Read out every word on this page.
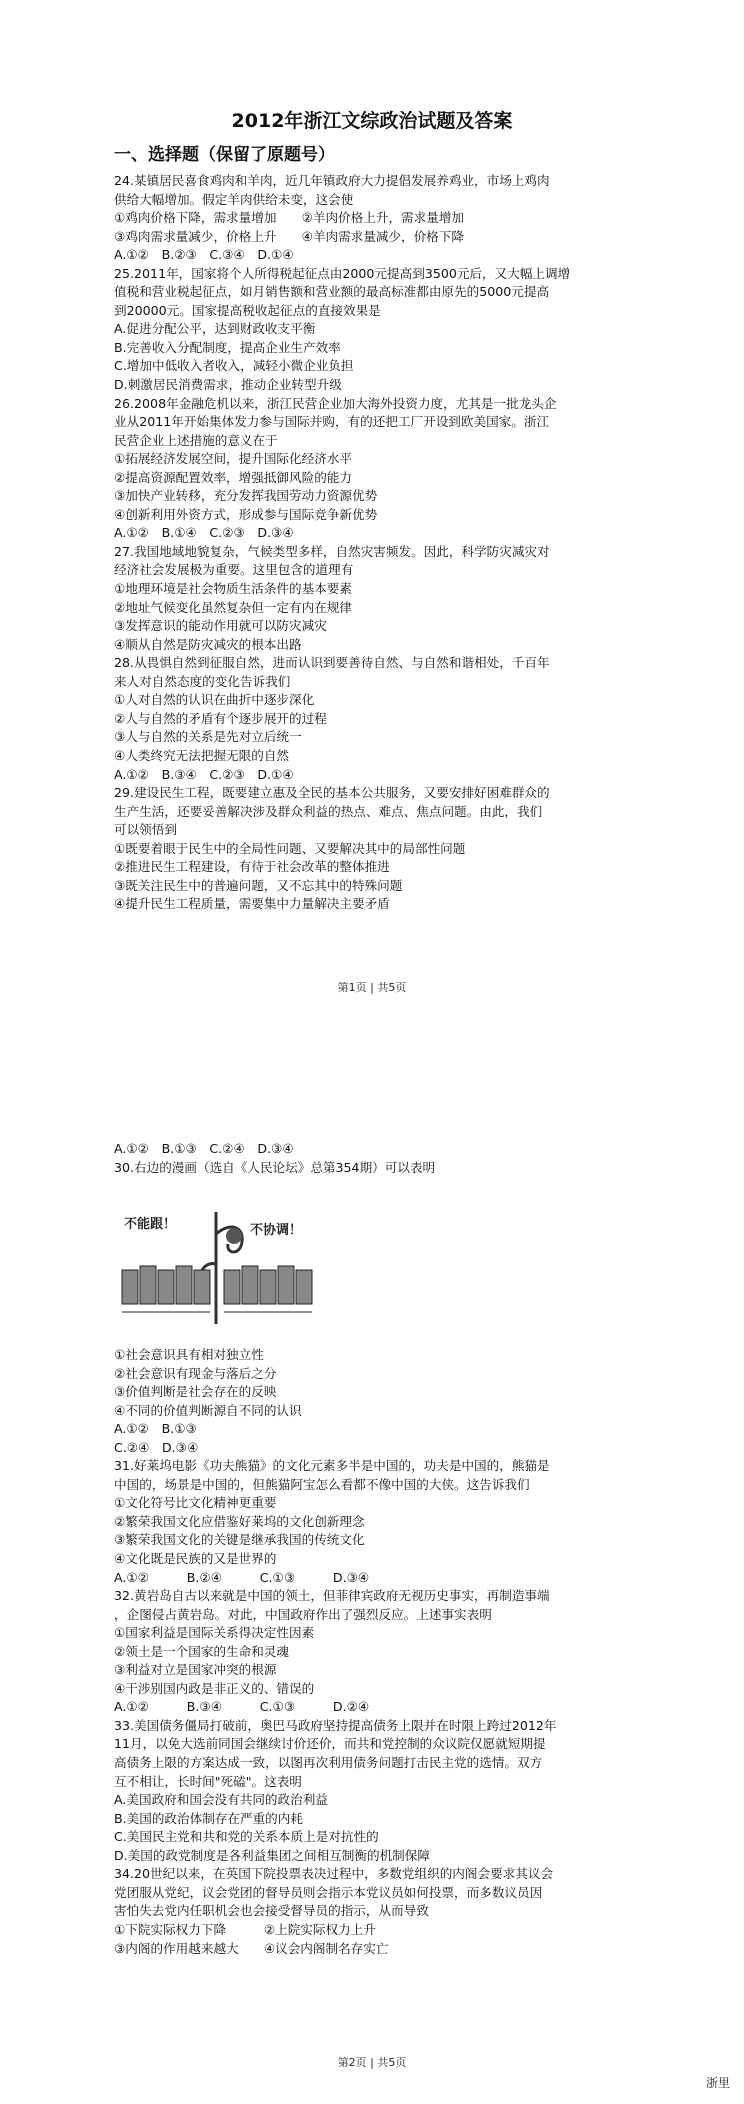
2012年浙江文综政治试题及答案
一、选择题（保留了原题号）
24.某镇居民喜食鸡肉和羊肉，近几年镇政府大力提倡发展养鸡业，市场上鸡肉
供给大幅增加。假定羊肉供给未变，这会使
①鸡肉价格下降，需求量增加　　②羊肉价格上升，需求量增加
③鸡肉需求量减少，价格上升　　④羊肉需求量减少，价格下降
A.①②　B.②③　C.③④　D.①④
25.2011年，国家将个人所得税起征点由2000元提高到3500元后，又大幅上调增
值税和营业税起征点，如月销售额和营业额的最高标准都由原先的5000元提高
到20000元。国家提高税收起征点的直接效果是
A.促进分配公平，达到财政收支平衡
B.完善收入分配制度，提高企业生产效率
C.增加中低收入者收入，减轻小微企业负担
D.刺激居民消费需求，推动企业转型升级
26.2008年金融危机以来，浙江民营企业加大海外投资力度，尤其是一批龙头企
业从2011年开始集体发力参与国际并购，有的还把工厂开设到欧美国家。浙江
民营企业上述措施的意义在于
①拓展经济发展空间，提升国际化经济水平
②提高资源配置效率，增强抵御风险的能力
③加快产业转移，充分发挥我国劳动力资源优势
④创新利用外资方式，形成参与国际竞争新优势
A.①②　B.①④　C.②③　D.③④
27.我国地域地貌复杂，气候类型多样，自然灾害频发。因此，科学防灾减灾对
经济社会发展极为重要。这里包含的道理有
①地理环境是社会物质生活条件的基本要素
②地址气候变化虽然复杂但一定有内在规律
③发挥意识的能动作用就可以防灾减灾
④顺从自然是防灾减灾的根本出路
28.从畏惧自然到征服自然，进而认识到要善待自然、与自然和谐相处，千百年
来人对自然态度的变化告诉我们
①人对自然的认识在曲折中逐步深化
②人与自然的矛盾有个逐步展开的过程
③人与自然的关系是先对立后统一
④人类终究无法把握无限的自然
A.①②　B.③④　C.②③　D.①④
29.建设民生工程，既要建立惠及全民的基本公共服务，又要安排好困难群众的
生产生活，还要妥善解决涉及群众利益的热点、难点、焦点问题。由此，我们
可以领悟到
①既要着眼于民生中的全局性问题、又要解决其中的局部性问题
②推进民生工程建设，有待于社会改革的整体推进
③既关注民生中的普遍问题，又不忘其中的特殊问题
④提升民生工程质量，需要集中力量解决主要矛盾
第1页 | 共5页
A.①②　B.①③　C.②④　D.③④
30.右边的漫画（选自《人民论坛》总第354期）可以表明
不能跟！	不协调！
①社会意识具有相对独立性
②社会意识有现金与落后之分
③价值判断是社会存在的反映
④不同的价值判断源自不同的认识
A.①②　B.①③
C.②④　D.③④
31.好莱坞电影《功夫熊猫》的文化元素多半是中国的，功夫是中国的，熊猫是
中国的，场景是中国的，但熊猫阿宝怎么看都不像中国的大侠。这告诉我们
①文化符号比文化精神更重要
②繁荣我国文化应借鉴好莱坞的文化创新理念
③繁荣我国文化的关键是继承我国的传统文化
④文化既是民族的又是世界的
A.①②　　　B.②④　　　C.①③　　　D.③④
32.黄岩岛自古以来就是中国的领土，但菲律宾政府无视历史事实，再制造事端
，企图侵占黄岩岛。对此，中国政府作出了强烈反应。上述事实表明
①国家利益是国际关系得决定性因素
②领土是一个国家的生命和灵魂
③利益对立是国家冲突的根源
④干涉别国内政是非正义的、错误的
A.①②　　　B.③④　　　C.①③　　　D.②④
33.美国债务僵局打破前，奥巴马政府坚持提高债务上限并在时限上跨过2012年
11月，以免大选前同国会继续讨价还价，而共和党控制的众议院仅愿就短期提
高债务上限的方案达成一致，以图再次利用债务问题打击民主党的选情。双方
互不相让，长时间"死磕"。这表明
A.美国政府和国会没有共同的政治利益
B.美国的政治体制存在严重的内耗
C.美国民主党和共和党的关系本质上是对抗性的
D.美国的政党制度是各利益集团之间相互制衡的机制保障
34.20世纪以来，在英国下院投票表决过程中，多数党组织的内阁会要求其议会
党团服从党纪，议会党团的督导员则会指示本党议员如何投票，而多数议员因
害怕失去党内任职机会也会接受督导员的指示，从而导致
①下院实际权力下降　　　②上院实际权力上升
③内阁的作用越来越大　　④议会内阁制名存实亡
第2页 | 共5页
浙里
